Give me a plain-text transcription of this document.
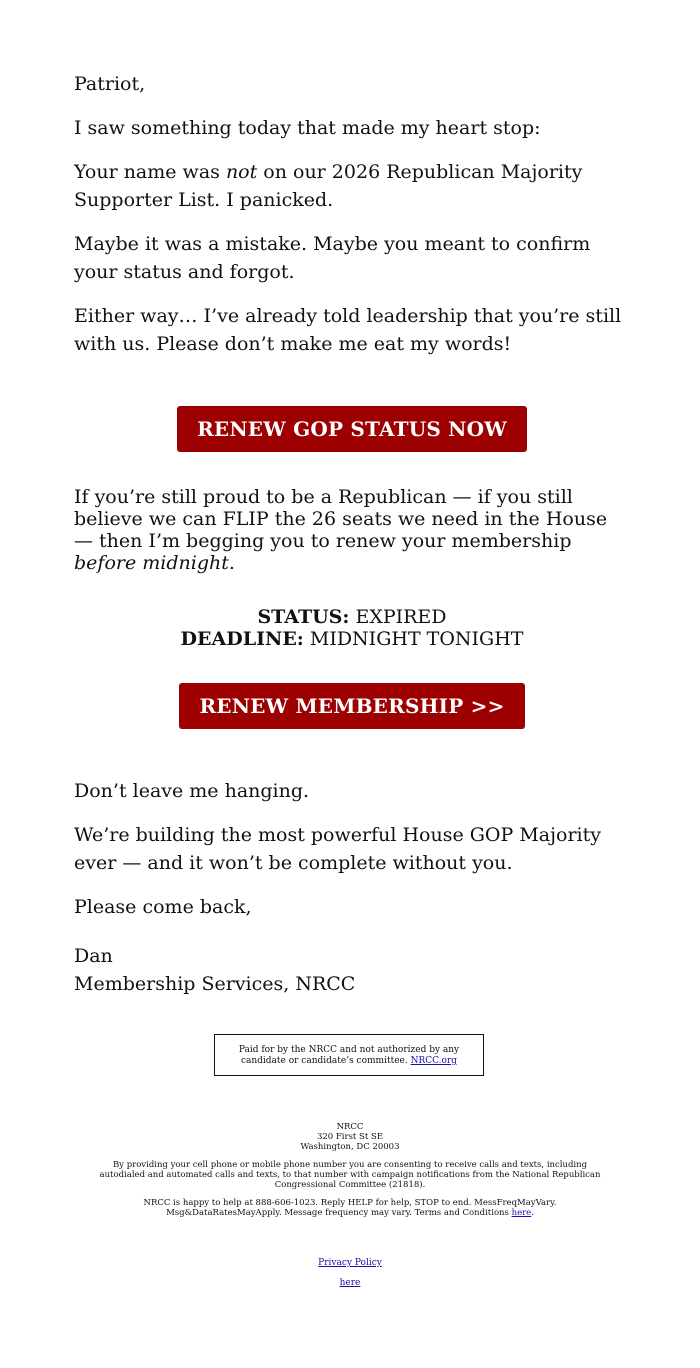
Patriot,

I saw something today that made my heart stop:

Your name was not on our 2026 Republican Majority Supporter List. I panicked.

Maybe it was a mistake. Maybe you meant to confirm your status and forgot.

Either way… I’ve already told leadership that you’re still with us. Please don’t make me eat my words!

RENEW GOP STATUS NOW

If you’re still proud to be a Republican — if you still believe we can FLIP the 26 seats we need in the House — then I’m begging you to renew your membership before midnight.

STATUS: EXPIRED
DEADLINE: MIDNIGHT TONIGHT
RENEW MEMBERSHIP >>

Don’t leave me hanging.

We’re building the most powerful House GOP Majority ever — and it won’t be complete without you.

Please come back,

Dan

Membership Services, NRCC

Paid for by the NRCC and not authorized by any candidate or candidate’s committee. NRCC.org

NRCC
320 First St SE
Washington, DC 20003

By providing your cell phone or mobile phone number you are consenting to receive calls and texts, including autodialed and automated calls and texts, to that number with campaign notifications from the National Republican Congressional Committee (21818).

NRCC is happy to help at 888-606-1023. Reply HELP for help, STOP to end. MessFreqMayVary. Msg&DataRatesMayApply. Message frequency may vary. Terms and Conditions here.

Privacy Policy
here
